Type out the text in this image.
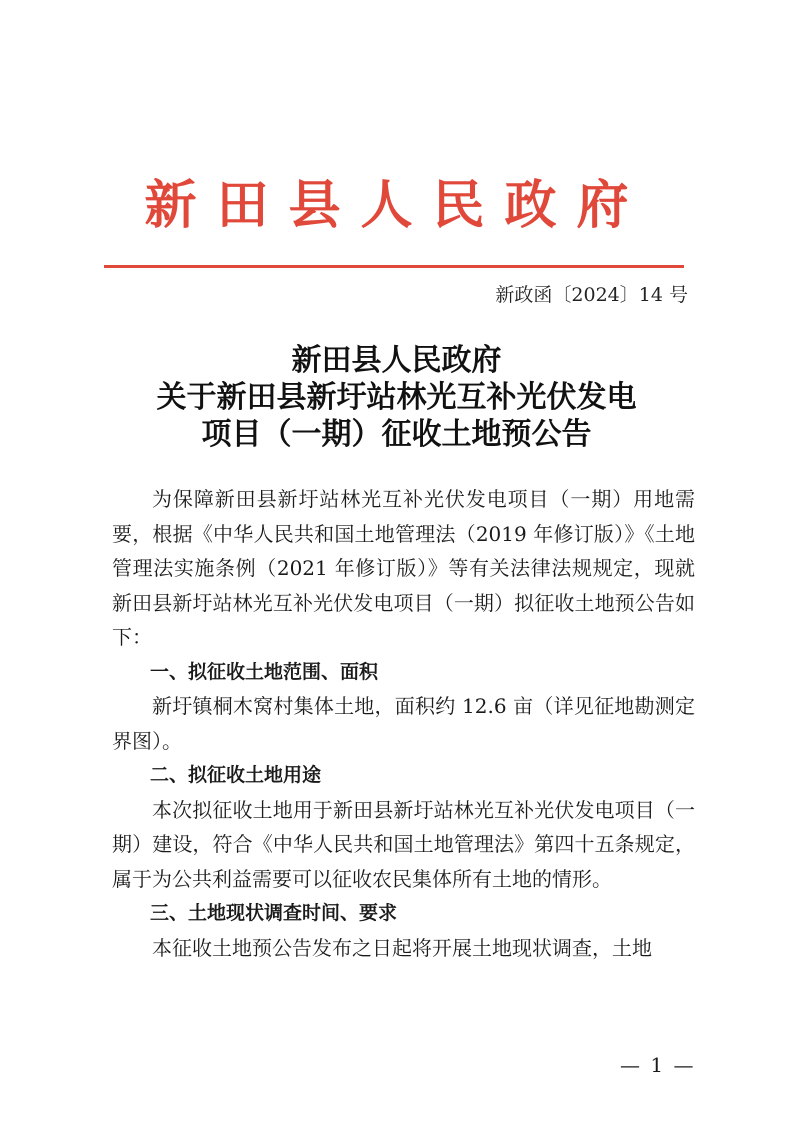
新田县人民政府
新政函〔2024〕14 号
新田县人民政府
关于新田县新圩站林光互补光伏发电
项目（一期）征收土地预公告

为保障新田县新圩站林光互补光伏发电项目（一期）用地需要，根据《中华人民共和国土地管理法（2019 年修订版）》《土地管理法实施条例（2021 年修订版）》等有关法律法规规定，现就新田县新圩站林光互补光伏发电项目（一期）拟征收土地预公告如下：

一、拟征收土地范围、面积

新圩镇桐木窝村集体土地，面积约 12.6 亩（详见征地勘测定界图）。

二、拟征收土地用途

本次拟征收土地用于新田县新圩站林光互补光伏发电项目（一期）建设，符合《中华人民共和国土地管理法》第四十五条规定，属于为公共利益需要可以征收农民集体所有土地的情形。

三、土地现状调查时间、要求

本征收土地预公告发布之日起将开展土地现状调查，土地

— 1 —
